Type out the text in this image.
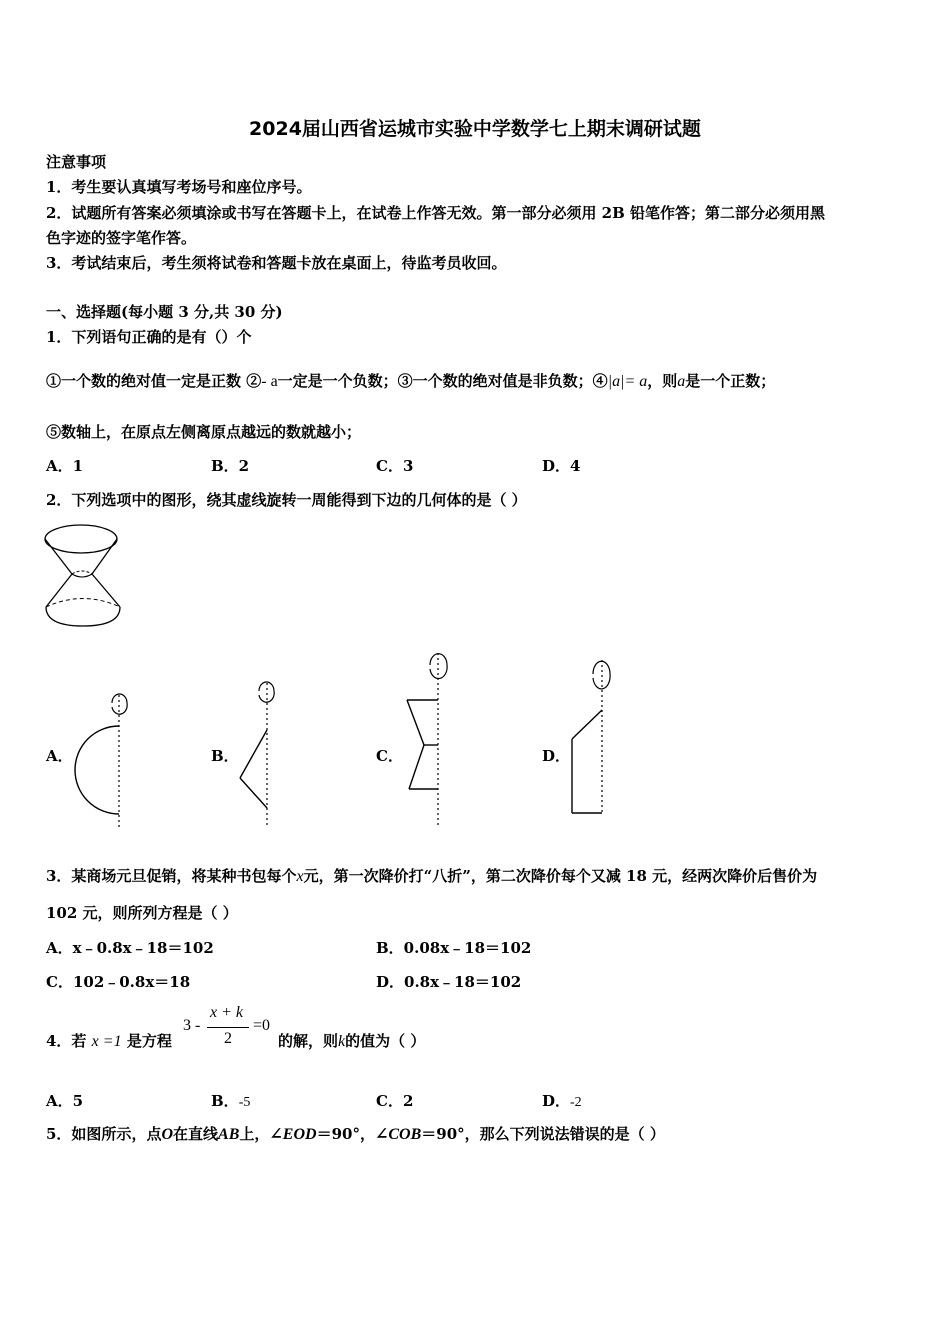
2024届山西省运城市实验中学数学七上期末调研试题
注意事项
1．考生要认真填写考场号和座位序号。
2．试题所有答案必须填涂或书写在答题卡上，在试卷上作答无效。第一部分必须用 2B 铅笔作答；第二部分必须用黑
色字迹的签字笔作答。
3．考试结束后，考生须将试卷和答题卡放在桌面上，待监考员收回。
一、选择题(每小题 3 分,共 30 分)
1．下列语句正确的是有（）个
①一个数的绝对值一定是正数 ②- a一定是一个负数；③一个数的绝对值是非负数；④|a|= a，则a是一个正数；
⑤数轴上，在原点左侧离原点越远的数就越小；
A．1	B．2	C．3	D．4
2．下列选项中的图形，绕其虚线旋转一周能得到下边的几何体的是（ ）
A．	B．	C．	D．
3．某商场元旦促销，将某种书包每个x元，第一次降价打“八折”，第二次降价每个又减 18 元，经两次降价后售价为
102 元，则所列方程是（ ）
A．x﹣0.8x﹣18＝102	B．0.08x﹣18＝102
C．102﹣0.8x＝18	D．0.8x﹣18＝102
4．若 x =1 是方程
3 -
x + k
2
=0
的解，则k的值为（ ）
A．5	B．-5	C．2	D．-2
5．如图所示，点O在直线AB上，∠EOD＝90°，∠COB＝90°，那么下列说法错误的是（ ）
